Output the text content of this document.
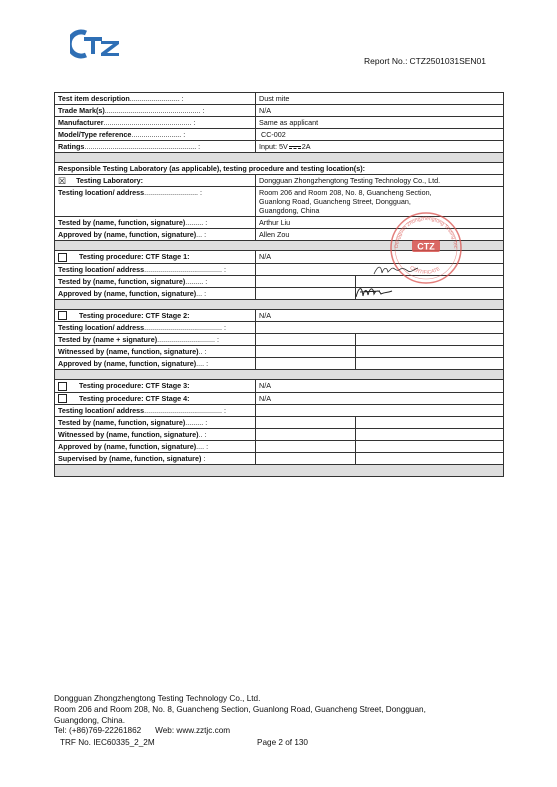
Report No.: CTZ2501031SEN01
Test item description......................... :	Dust mite	
Trade Mark(s)................................................ :	N/A	
Manufacturer............................................ :	Same as applicant	
Model/Type reference......................... :	CC-002	
Ratings........................................................ :	Input: 5V 2A	

Responsible Testing Laboratory (as applicable), testing procedure and testing location(s):		
☒ Testing Laboratory:	Dongguan Zhongzhengtong Testing Technology Co., Ltd.	
Testing location/ address........................... :	Room 206 and Room 208, No. 8, Guancheng Section,
Guanlong Road, Guancheng Street, Dongguan,
Guangdong, China	

Tested by (name, function, signature)......... :	Arthur Liu	
Approved by (name, function, signature)... :	Allen Zou	

Testing procedure: CTF Stage 1:	N/A	
Testing location/ address....................................... :		
Tested by (name, function, signature)......... :		
Approved by (name, function, signature)... :		

Testing procedure: CTF Stage 2:	N/A	
Testing location/ address....................................... :		
Tested by (name + signature)............................. :		
Witnessed by (name, function, signature).. :		
Approved by (name, function, signature).... :		

Testing procedure: CTF Stage 3:	N/A	
Testing procedure: CTF Stage 4:	N/A	
Testing location/ address....................................... :		
Tested by (name, function, signature)......... :		
Witnessed by (name, function, signature).. :		
Approved by (name, function, signature).... :		
Supervised by (name, function, signature) :		

Dongguan Zhongzhengtong Testing Tec
CERTIFICATE
CTZ
Dongguan Zhongzhengtong Testing Technology Co., Ltd.
Room 206 and Room 208, No. 8, Guancheng Section, Guanlong Road, Guancheng Street, Dongguan,
Guangdong, China.
Tel: (+86)769-22261862 Web: www.zztjc.com
TRF No. IEC60335_2_2M	Page 2 of 130
